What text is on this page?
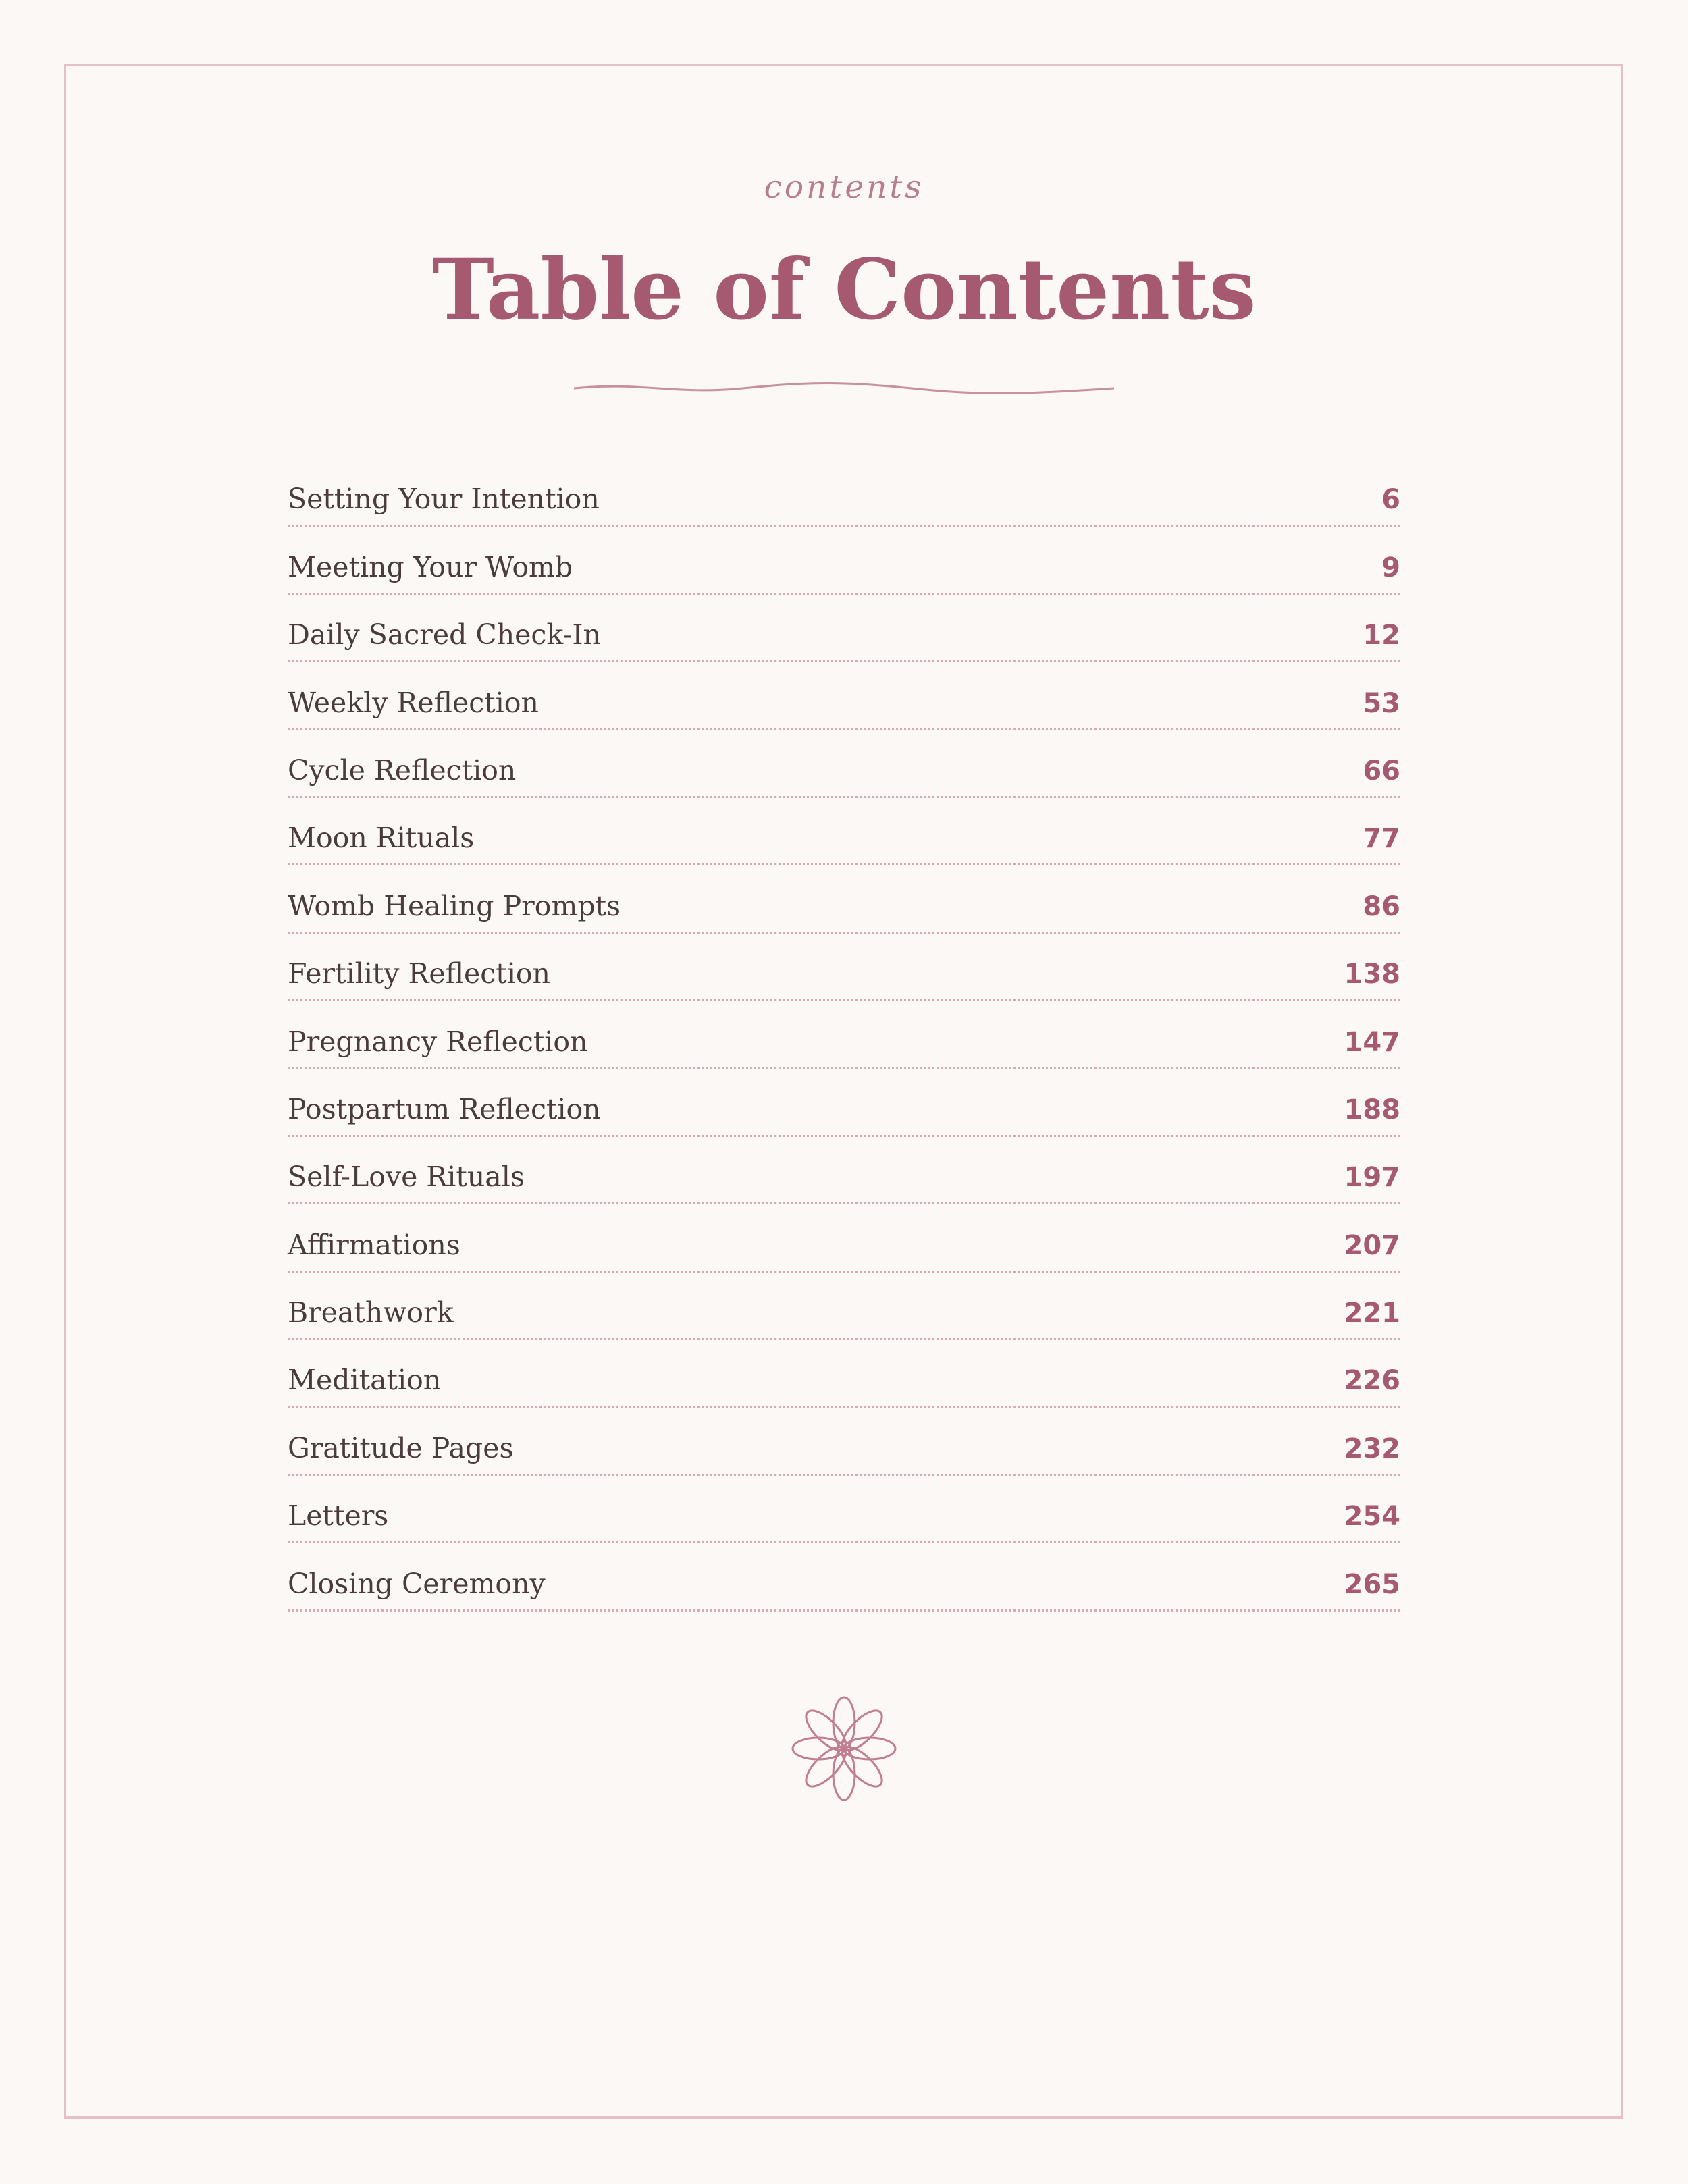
contents
Table of Contents
Setting Your Intention	6
Meeting Your Womb	9
Daily Sacred Check-In	12
Weekly Reflection	53
Cycle Reflection	66
Moon Rituals	77
Womb Healing Prompts	86
Fertility Reflection	138
Pregnancy Reflection	147
Postpartum Reflection	188
Self-Love Rituals	197
Affirmations	207
Breathwork	221
Meditation	226
Gratitude Pages	232
Letters	254
Closing Ceremony	265
